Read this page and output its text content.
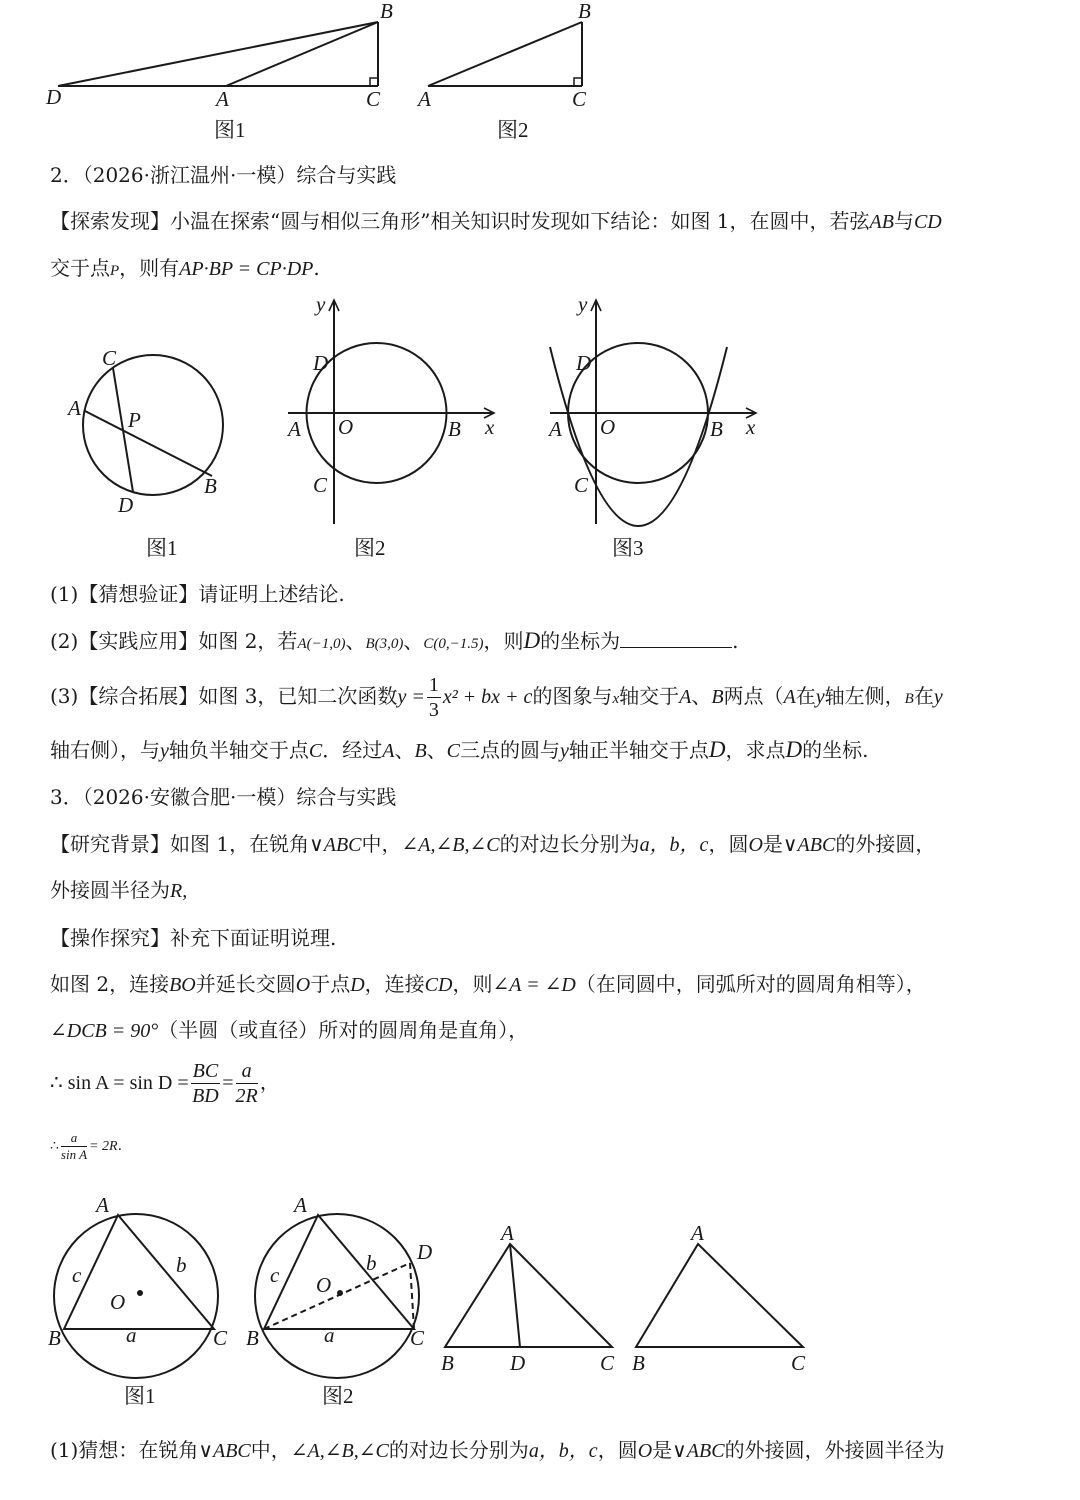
D	A	C
B
A	C
B
图1	图2
C
A P
D
B
图1
y
D
A O	B x
C
图2
y
D
A O	B x
C
图3
A
B	C
a
b
c
O
图1
A
B	C
D
a
b
c O
图2
A
B	D	C
A
B	C
2．（2026·浙江温州·一模）综合与实践
【探索发现】小温在探索“圆与相似三角形”相关知识时发现如下结论：如图 1，在圆中，若弦AB与CD
交于点P，则有AP·BP = CP·DP.
(1)【猜想验证】请证明上述结论.
(2)【实践应用】如图 2，若A(−1,0)、B(3,0)、C(0,−1.5)，则D的坐标为	.
(3)【综合拓展】如图 3，已知二次函数$y = \frac{1}{3} x^2$ + bx + c的图象与x轴交于A、B两点（A在y轴左侧，B在y
轴右侧），与y轴负半轴交于点C．经过A、B、C三点的圆与y轴正半轴交于点D，求点D的坐标.
3．（2026·安徽合肥·一模）综合与实践
【研究背景】如图 1，在锐角∨ABC中，∠A,∠B,∠C的对边长分别为a，b，c，圆O是∨ABC的外接圆，
外接圆半径为R,
【操作探究】补充下面证明说理.
如图 2，连接BO并延长交圆O于点D，连接CD，则∠A = ∠D（在同圆中，同弧所对的圆周角相等），
∠DCB = 90°（半圆（或直径）所对的圆周角是直角），
∴ $\sin A = \sin D = \frac{BC}{BD} = \frac{a}{2R}$ ，
∴ $\frac{a}{\text{sin A}} = 2R$.
(1)猜想：在锐角∨ABC中，∠A,∠B,∠C的对边长分别为a，b，c，圆O是∨ABC的外接圆，外接圆半径为
